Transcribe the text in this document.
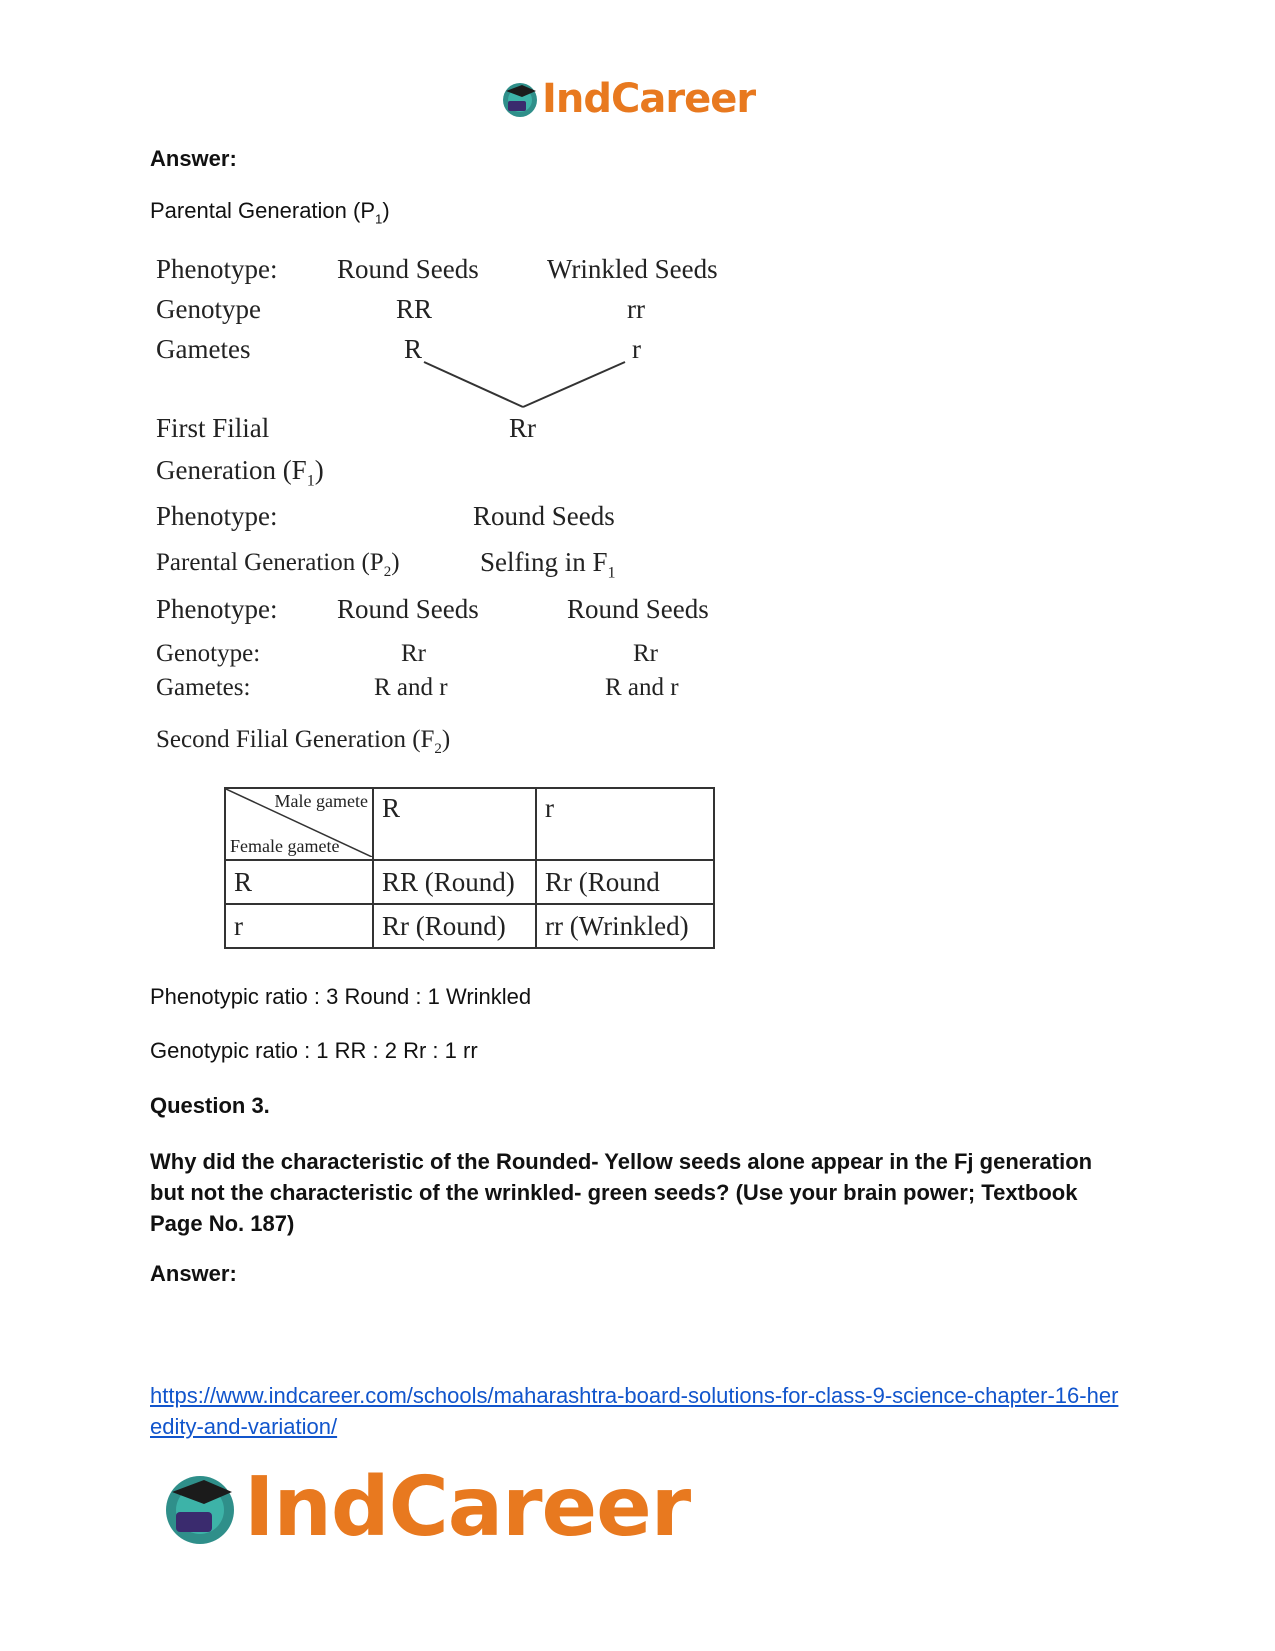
IndCareer
Answer:
Parental Generation $(P_1)$
Phenotype: Round Seeds	Wrinkled Seeds
Genotype	RR	rr
Gametes	R	r
First Filial	Rr
Generation $(F_1)$
Phenotype:	Round Seeds
Parental Generation $(P_2)$	Selfing in $F_1$
Phenotype: Round Seeds	Round Seeds
Genotype:	Rr	Rr
Gametes:	R and r	R and r
Second Filial Generation $(F_2)$
Male gamete
Female gamete	R	r
R	RR (Round)	Rr (Round
r	Rr (Round)	rr (Wrinkled)
Phenotypic ratio : 3 Round : 1 Wrinkled
Genotypic ratio : 1 RR : 2 Rr : 1 rr
Question 3.
Why did the characteristic of the Rounded- Yellow seeds alone appear in the Fj generation but not the characteristic of the wrinkled- green seeds? (Use your brain power; Textbook Page No. 187)
Answer:
https://www.indcareer.com/schools/maharashtra-board-solutions-for-class-9-science-chapter-16-heredity-and-variation/
IndCareer
